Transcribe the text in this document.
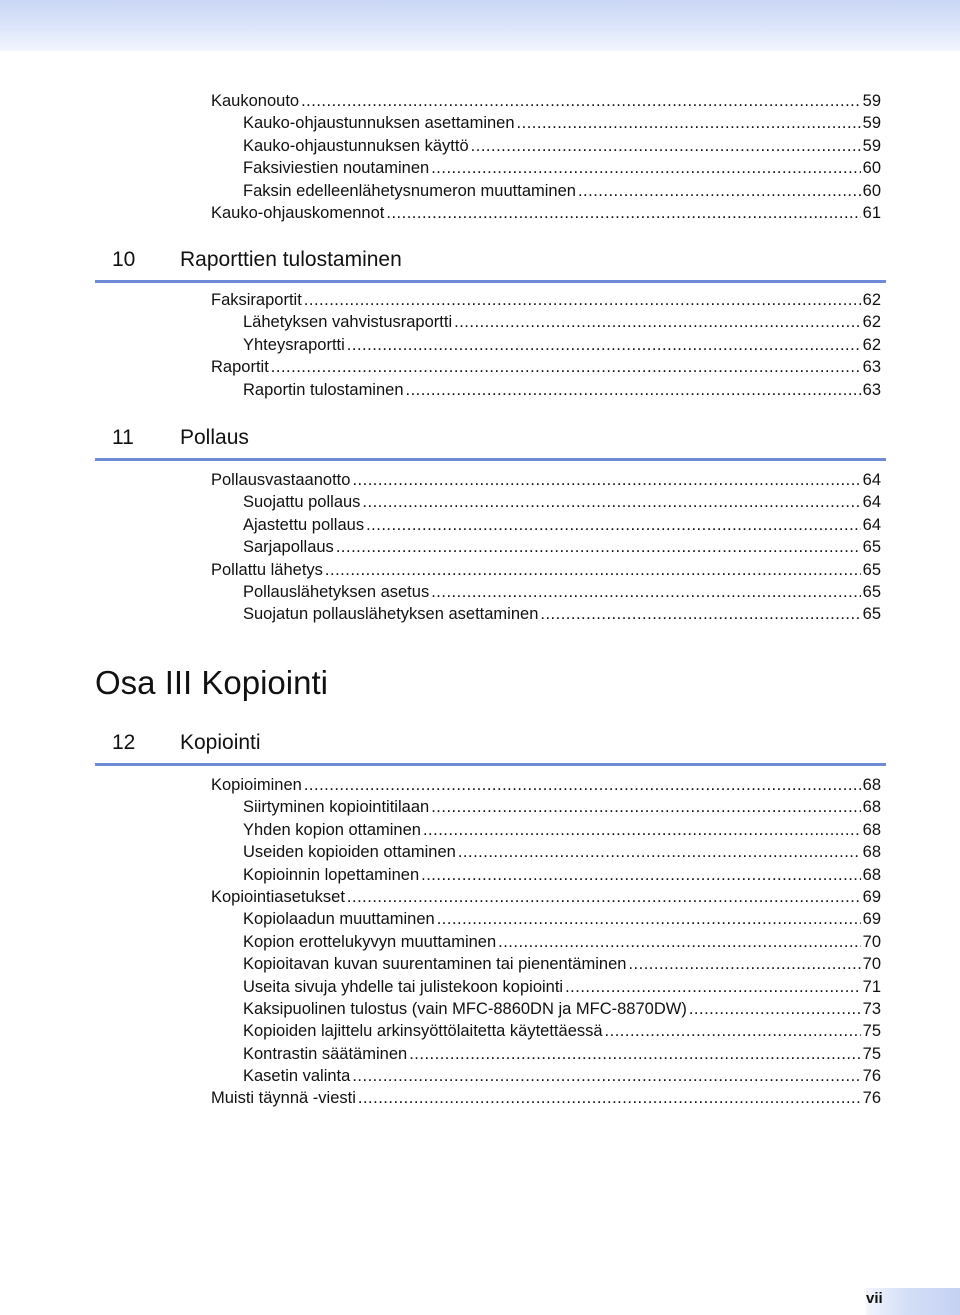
Kaukonouto .....	59
Kauko-ohjaustunnuksen asettaminen .....	59
Kauko-ohjaustunnuksen käyttö .....	59
Faksiviestien noutaminen .....	60
Faksin edelleenlähetysnumeron muuttaminen .....	60
Kauko-ohjauskomennot .....	61
10 Raporttien tulostaminen
Faksiraportit .....	62
Lähetyksen vahvistusraportti .....	62
Yhteysraportti .....	62
Raportit .....	63
Raportin tulostaminen .....	63
11 Pollaus
Pollausvastaanotto .....	64
Suojattu pollaus .....	64
Ajastettu pollaus .....	64
Sarjapollaus .....	65
Pollattu lähetys .....	65
Pollauslähetyksen asetus .....	65
Suojatun pollauslähetyksen asettaminen .....	65
Osa III Kopiointi
12 Kopiointi
Kopioiminen .....	68
Siirtyminen kopiointitilaan .....	68
Yhden kopion ottaminen .....	68
Useiden kopioiden ottaminen .....	68
Kopioinnin lopettaminen .....	68
Kopiointiasetukset .....	69
Kopiolaadun muuttaminen .....	69
Kopion erottelukyvyn muuttaminen .....	70
Kopioitavan kuvan suurentaminen tai pienentäminen .....	70
Useita sivuja yhdelle tai julistekoon kopiointi .....	71
Kaksipuolinen tulostus (vain MFC-8860DN ja MFC-8870DW) .....	73
Kopioiden lajittelu arkinsyöttölaitetta käytettäessä .....	75
Kontrastin säätäminen .....	75
Kasetin valinta .....	76
Muisti täynnä -viesti .....	76
vii
